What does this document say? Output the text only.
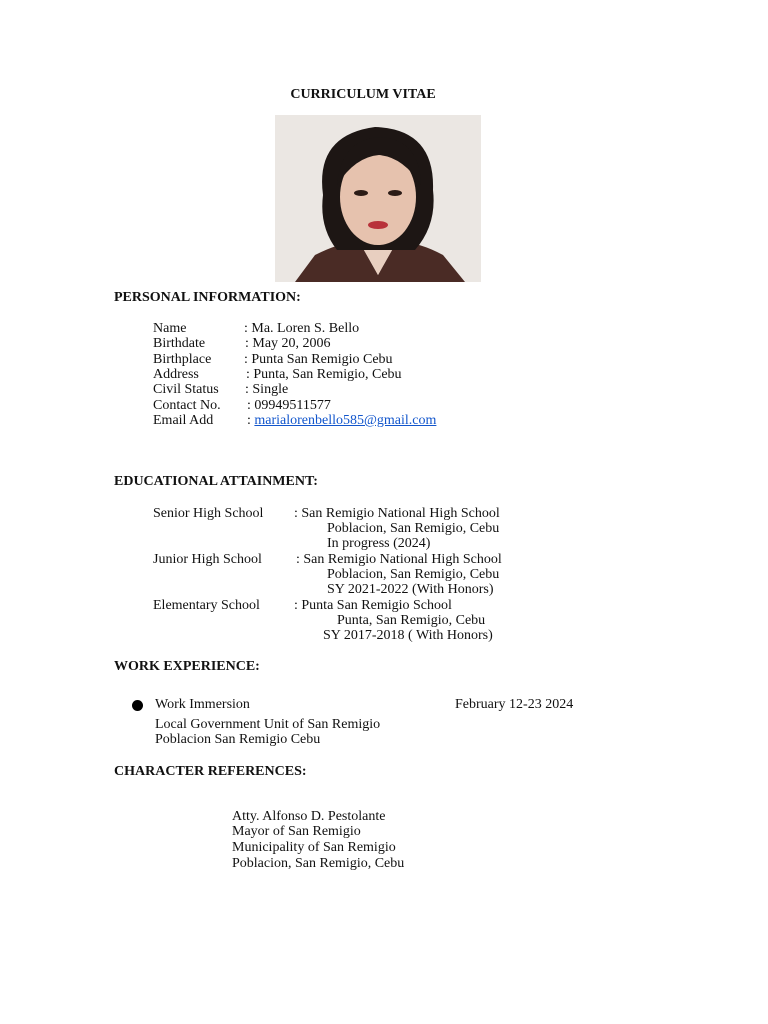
CURRICULUM VITAE
PERSONAL INFORMATION:
Name	: Ma. Loren S. Bello
Birthdate	: May 20, 2006
Birthplace : Punta San Remigio Cebu
Address	: Punta, San Remigio, Cebu
Civil Status : Single
Contact No. : 09949511577
Email Add : marialorenbello585@gmail.com
EDUCATIONAL ATTAINMENT:
Senior High School : San Remigio National High School
Poblacion, San Remigio, Cebu
In progress (2024)
Junior High School : San Remigio National High School
Poblacion, San Remigio, Cebu
SY 2021-2022 (With Honors)
Elementary School : Punta San Remigio School
Punta, San Remigio, Cebu
SY 2017-2018 ( With Honors)
WORK EXPERIENCE:
Work Immersion	February 12-23 2024
Local Government Unit of San Remigio
Poblacion San Remigio Cebu
CHARACTER REFERENCES:
Atty. Alfonso D. Pestolante
Mayor of San Remigio
Municipality of San Remigio
Poblacion, San Remigio, Cebu
